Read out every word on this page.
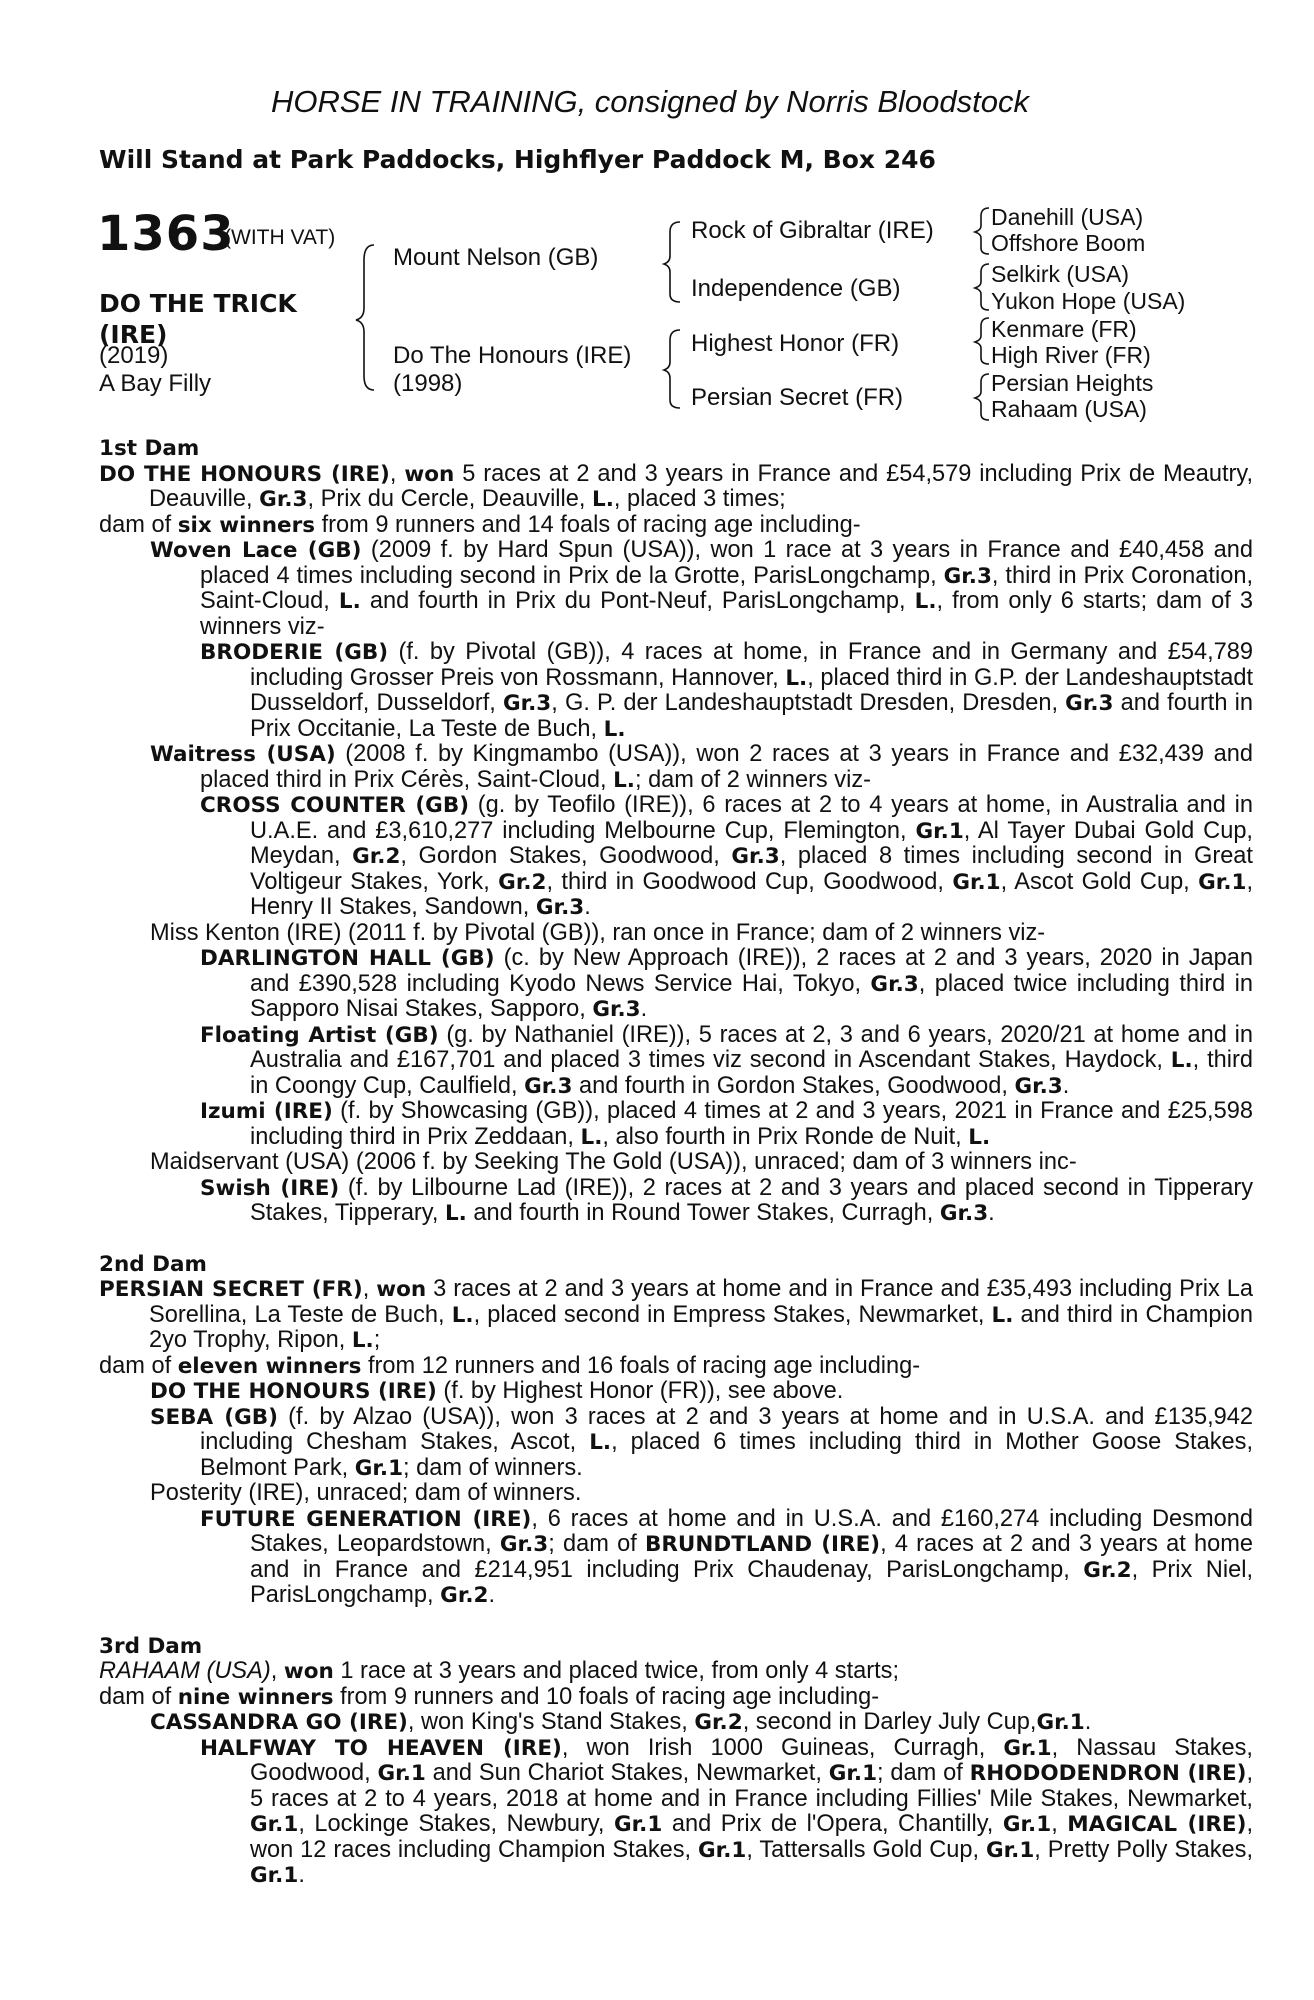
HORSE IN TRAINING, consigned by Norris Bloodstock
Will Stand at Park Paddocks, Highflyer Paddock M, Box 246
1363
(WITH VAT)
DO THE TRICK
(IRE)
(2019)
A Bay Filly
Mount Nelson (GB)
Do The Honours (IRE)
(1998)
Rock of Gibraltar (IRE)
Independence (GB)
Highest Honor (FR)
Persian Secret (FR)
Danehill (USA)
Offshore Boom
Selkirk (USA)
Yukon Hope (USA)
Kenmare (FR)
High River (FR)
Persian Heights
Rahaam (USA)
1st Dam
DO THE HONOURS (IRE), won 5 races at 2 and 3 years in France and £54,579 including Prix de Meautry, Deauville, Gr.3, Prix du Cercle, Deauville, L., placed 3 times;
dam of six winners from 9 runners and 14 foals of racing age including-
Woven Lace (GB) (2009 f. by Hard Spun (USA)), won 1 race at 3 years in France and £40,458 and placed 4 times including second in Prix de la Grotte, ParisLongchamp, Gr.3, third in Prix Coronation, Saint-Cloud, L. and fourth in Prix du Pont-Neuf, ParisLongchamp, L., from only 6 starts; dam of 3 winners viz-
BRODERIE (GB) (f. by Pivotal (GB)), 4 races at home, in France and in Germany and £54,789 including Grosser Preis von Rossmann, Hannover, L., placed third in G.P. der Landeshauptstadt Dusseldorf, Dusseldorf, Gr.3, G. P. der Landeshauptstadt Dresden, Dresden, Gr.3 and fourth in Prix Occitanie, La Teste de Buch, L.
Waitress (USA) (2008 f. by Kingmambo (USA)), won 2 races at 3 years in France and £32,439 and placed third in Prix Cérès, Saint-Cloud, L.; dam of 2 winners viz-
CROSS COUNTER (GB) (g. by Teofilo (IRE)), 6 races at 2 to 4 years at home, in Australia and in U.A.E. and £3,610,277 including Melbourne Cup, Flemington, Gr.1, Al Tayer Dubai Gold Cup, Meydan, Gr.2, Gordon Stakes, Goodwood, Gr.3, placed 8 times including second in Great Voltigeur Stakes, York, Gr.2, third in Goodwood Cup, Goodwood, Gr.1, Ascot Gold Cup, Gr.1, Henry II Stakes, Sandown, Gr.3.
Miss Kenton (IRE) (2011 f. by Pivotal (GB)), ran once in France; dam of 2 winners viz-
DARLINGTON HALL (GB) (c. by New Approach (IRE)), 2 races at 2 and 3 years, 2020 in Japan and £390,528 including Kyodo News Service Hai, Tokyo, Gr.3, placed twice including third in Sapporo Nisai Stakes, Sapporo, Gr.3.
Floating Artist (GB) (g. by Nathaniel (IRE)), 5 races at 2, 3 and 6 years, 2020/21 at home and in Australia and £167,701 and placed 3 times viz second in Ascendant Stakes, Haydock, L., third in Coongy Cup, Caulfield, Gr.3 and fourth in Gordon Stakes, Goodwood, Gr.3.
Izumi (IRE) (f. by Showcasing (GB)), placed 4 times at 2 and 3 years, 2021 in France and £25,598 including third in Prix Zeddaan, L., also fourth in Prix Ronde de Nuit, L.
Maidservant (USA) (2006 f. by Seeking The Gold (USA)), unraced; dam of 3 winners inc-
Swish (IRE) (f. by Lilbourne Lad (IRE)), 2 races at 2 and 3 years and placed second in Tipperary Stakes, Tipperary, L. and fourth in Round Tower Stakes, Curragh, Gr.3.
2nd Dam
PERSIAN SECRET (FR), won 3 races at 2 and 3 years at home and in France and £35,493 including Prix La Sorellina, La Teste de Buch, L., placed second in Empress Stakes, Newmarket, L. and third in Champion 2yo Trophy, Ripon, L.;
dam of eleven winners from 12 runners and 16 foals of racing age including-
DO THE HONOURS (IRE) (f. by Highest Honor (FR)), see above.
SEBA (GB) (f. by Alzao (USA)), won 3 races at 2 and 3 years at home and in U.S.A. and £135,942 including Chesham Stakes, Ascot, L., placed 6 times including third in Mother Goose Stakes, Belmont Park, Gr.1; dam of winners.
Posterity (IRE), unraced; dam of winners.
FUTURE GENERATION (IRE), 6 races at home and in U.S.A. and £160,274 including Desmond Stakes, Leopardstown, Gr.3; dam of BRUNDTLAND (IRE), 4 races at 2 and 3 years at home and in France and £214,951 including Prix Chaudenay, ParisLongchamp, Gr.2, Prix Niel, ParisLongchamp, Gr.2.
3rd Dam
RAHAAM (USA), won 1 race at 3 years and placed twice, from only 4 starts;
dam of nine winners from 9 runners and 10 foals of racing age including-
CASSANDRA GO (IRE), won King's Stand Stakes, Gr.2, second in Darley July Cup,Gr.1.
HALFWAY TO HEAVEN (IRE), won Irish 1000 Guineas, Curragh, Gr.1, Nassau Stakes, Goodwood, Gr.1 and Sun Chariot Stakes, Newmarket, Gr.1; dam of RHODODENDRON (IRE), 5 races at 2 to 4 years, 2018 at home and in France including Fillies' Mile Stakes, Newmarket, Gr.1, Lockinge Stakes, Newbury, Gr.1 and Prix de l'Opera, Chantilly, Gr.1, MAGICAL (IRE), won 12 races including Champion Stakes, Gr.1, Tattersalls Gold Cup, Gr.1, Pretty Polly Stakes, Gr.1.
